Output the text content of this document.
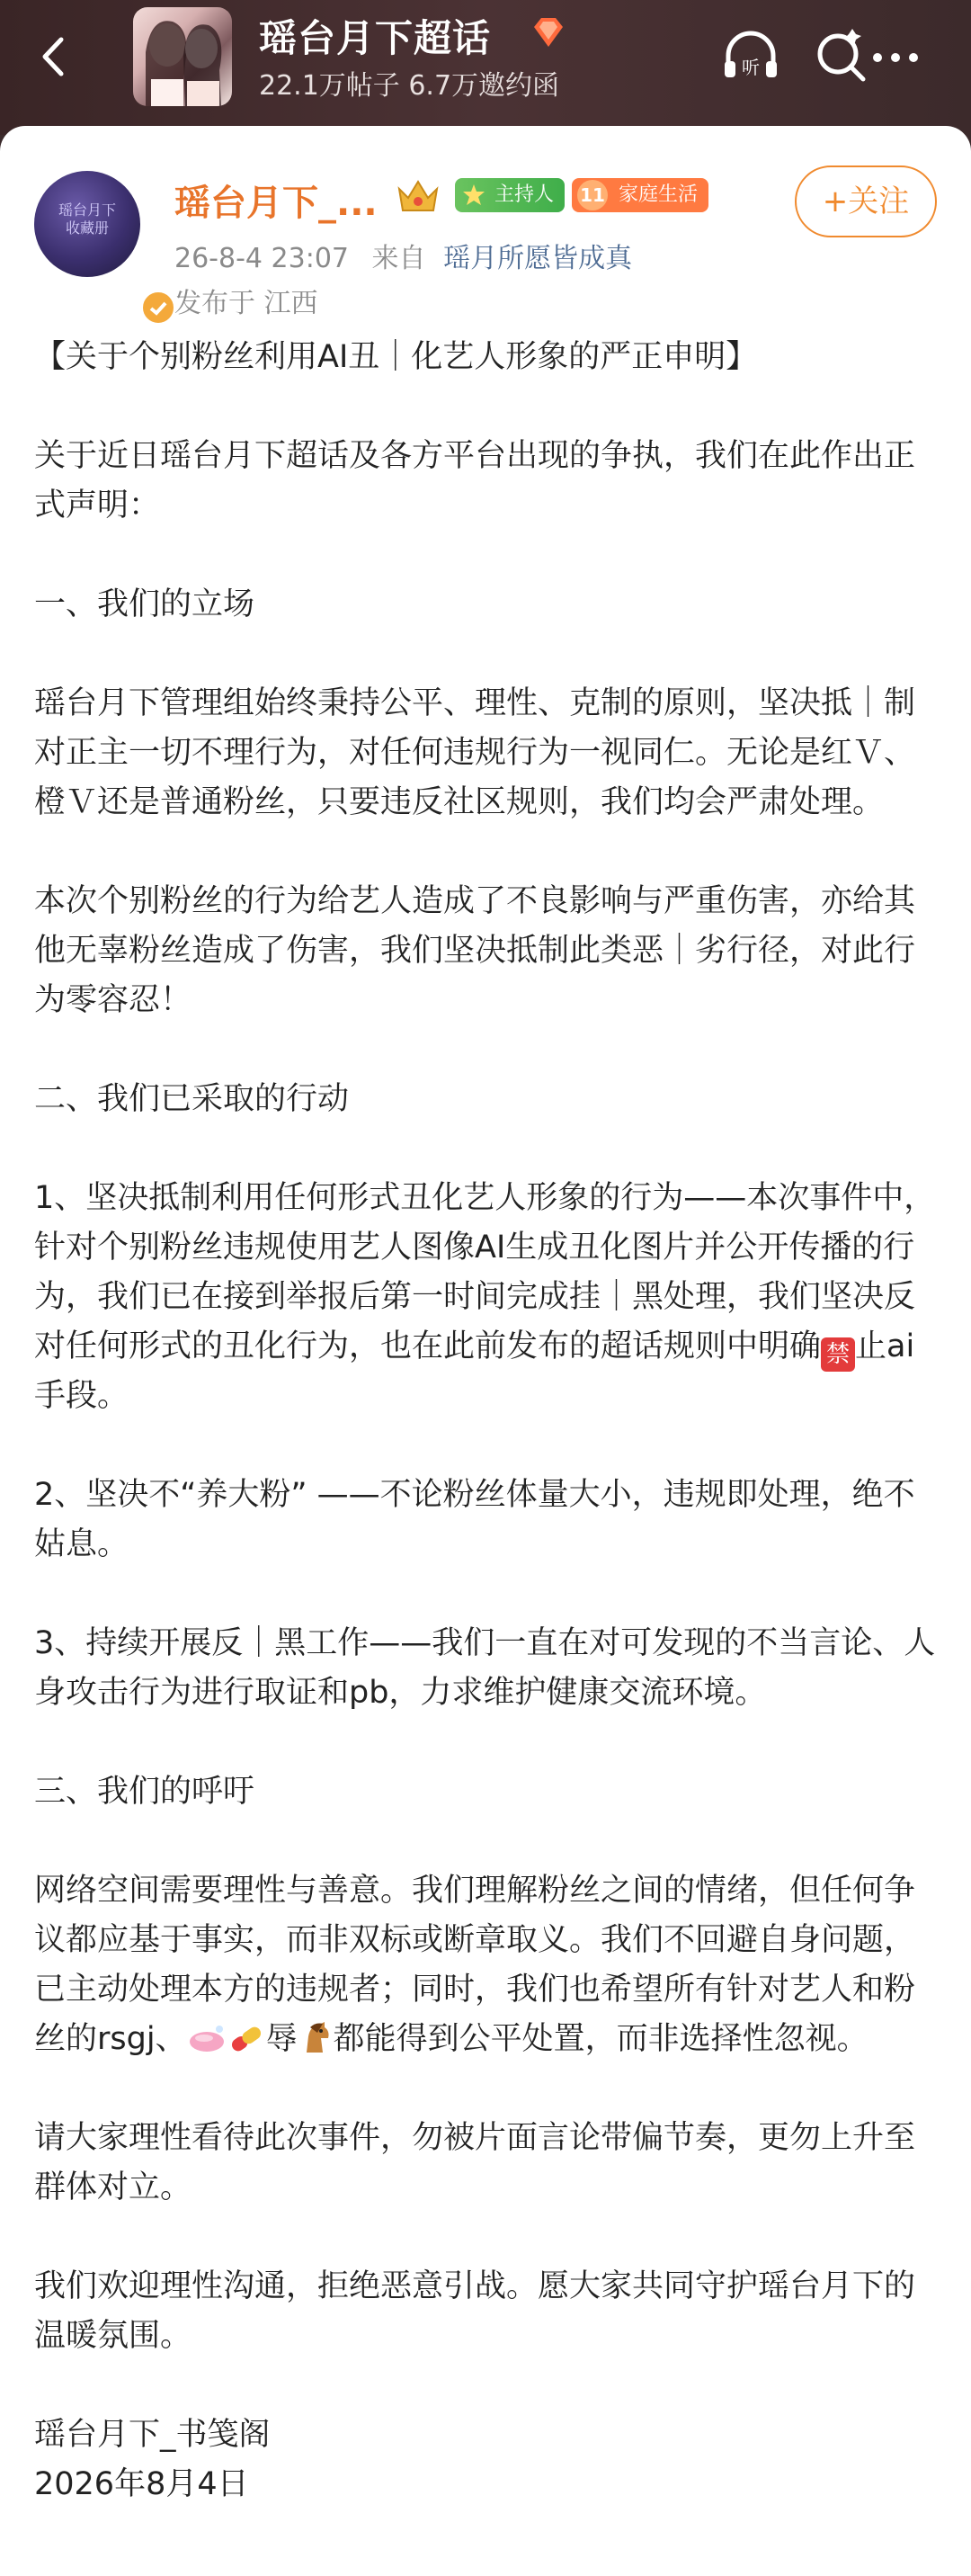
瑶台月下超话
22.1万帖子 6.7万邀约函
听
瑶台月下
收藏册
瑶台月下_...	主持人	11 家庭生活	+关注
26-8-4 23:07 来自 瑶月所愿皆成真
发布于 江西

【关于个别粉丝利用AI丑｜化艺人形象的严正申明】

关于近日瑶台月下超话及各方平台出现的争执，我们在此作出正式声明：

一、我们的立场

瑶台月下管理组始终秉持公平、理性、克制的原则，坚决抵｜制对正主一切不理行为，对任何违规行为一视同仁。无论是红Ｖ、橙Ｖ还是普通粉丝，只要违反社区规则，我们均会严肃处理。

本次个别粉丝的行为给艺人造成了不良影响与严重伤害，亦给其他无辜粉丝造成了伤害，我们坚决抵制此类恶｜劣行径，对此行为零容忍！

二、我们已采取的行动

1、坚决抵制利用任何形式丑化艺人形象的行为——本次事件中，针对个别粉丝违规使用艺人图像AI生成丑化图片并公开传播的行为，我们已在接到举报后第一时间完成挂｜黑处理，我们坚决反对任何形式的丑化行为，也在此前发布的超话规则中明确 禁 止ai手段。

2、坚决不“养大粉” ——不论粉丝体量大小，违规即处理，绝不姑息。

3、持续开展反｜黑工作——我们一直在对可发现的不当言论、人身攻击行为进行取证和pb，力求维护健康交流环境。

三、我们的呼吁

网络空间需要理性与善意。我们理解粉丝之间的情绪，但任何争议都应基于事实，而非双标或断章取义。我们不回避自身问题，已主动处理本方的违规者；同时，我们也希望所有针对艺人和粉丝的rsgj、	辱 都能得到公平处置，而非选择性忽视。

请大家理性看待此次事件，勿被片面言论带偏节奏，更勿上升至群体对立。

我们欢迎理性沟通，拒绝恶意引战。愿大家共同守护瑶台月下的温暖氛围。

瑶台月下_书笺阁

2026年8月4日
